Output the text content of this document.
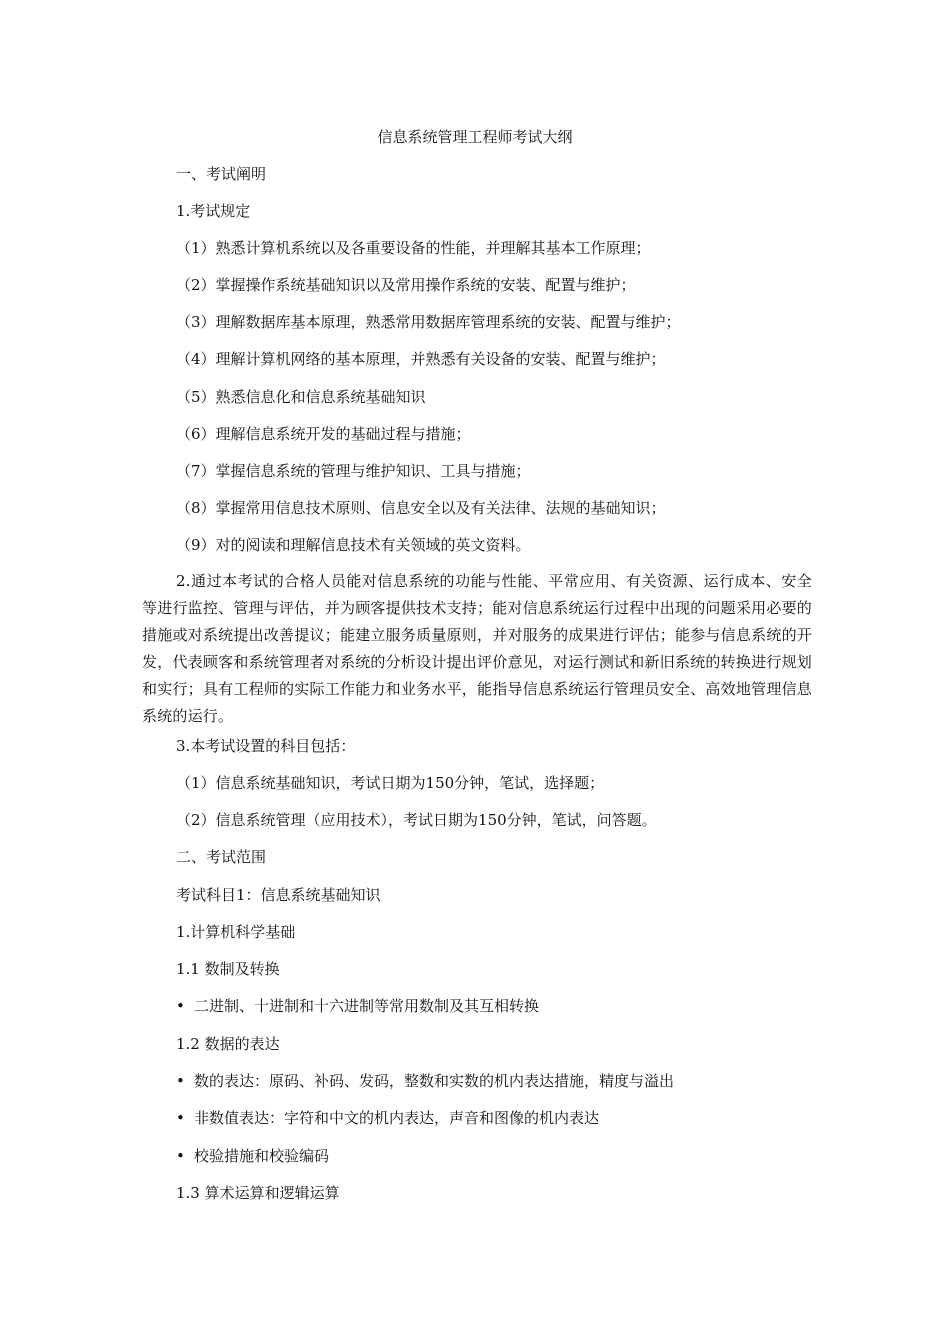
信息系统管理工程师考试大纲
一、考试阐明
1.考试规定
（1）熟悉计算机系统以及各重要设备的性能，并理解其基本工作原理；
（2）掌握操作系统基础知识以及常用操作系统的安装、配置与维护；
（3）理解数据库基本原理，熟悉常用数据库管理系统的安装、配置与维护；
（4）理解计算机网络的基本原理，并熟悉有关设备的安装、配置与维护；
（5）熟悉信息化和信息系统基础知识
（6）理解信息系统开发的基础过程与措施；
（7）掌握信息系统的管理与维护知识、工具与措施；
（8）掌握常用信息技术原则、信息安全以及有关法律、法规的基础知识；
（9）对的阅读和理解信息技术有关领域的英文资料。
2.通过本考试的合格人员能对信息系统的功能与性能、平常应用、有关资源、运行成本、安全等进行监控、管理与评估，并为顾客提供技术支持；能对信息系统运行过程中出现的问题采用必要的措施或对系统提出改善提议；能建立服务质量原则，并对服务的成果进行评估；能参与信息系统的开发，代表顾客和系统管理者对系统的分析设计提出评价意见，对运行测试和新旧系统的转换进行规划和实行；具有工程师的实际工作能力和业务水平，能指导信息系统运行管理员安全、高效地管理信息系统的运行。
3.本考试设置的科目包括：
（1）信息系统基础知识，考试日期为150分钟，笔试，选择题；
（2）信息系统管理（应用技术），考试日期为150分钟，笔试，问答题。
二、考试范围
考试科目1：信息系统基础知识
1.计算机科学基础
1.1 数制及转换
• 二进制、十进制和十六进制等常用数制及其互相转换
1.2 数据的表达
• 数的表达：原码、补码、发码，整数和实数的机内表达措施，精度与溢出
• 非数值表达：字符和中文的机内表达，声音和图像的机内表达
• 校验措施和校验编码
1.3 算术运算和逻辑运算
